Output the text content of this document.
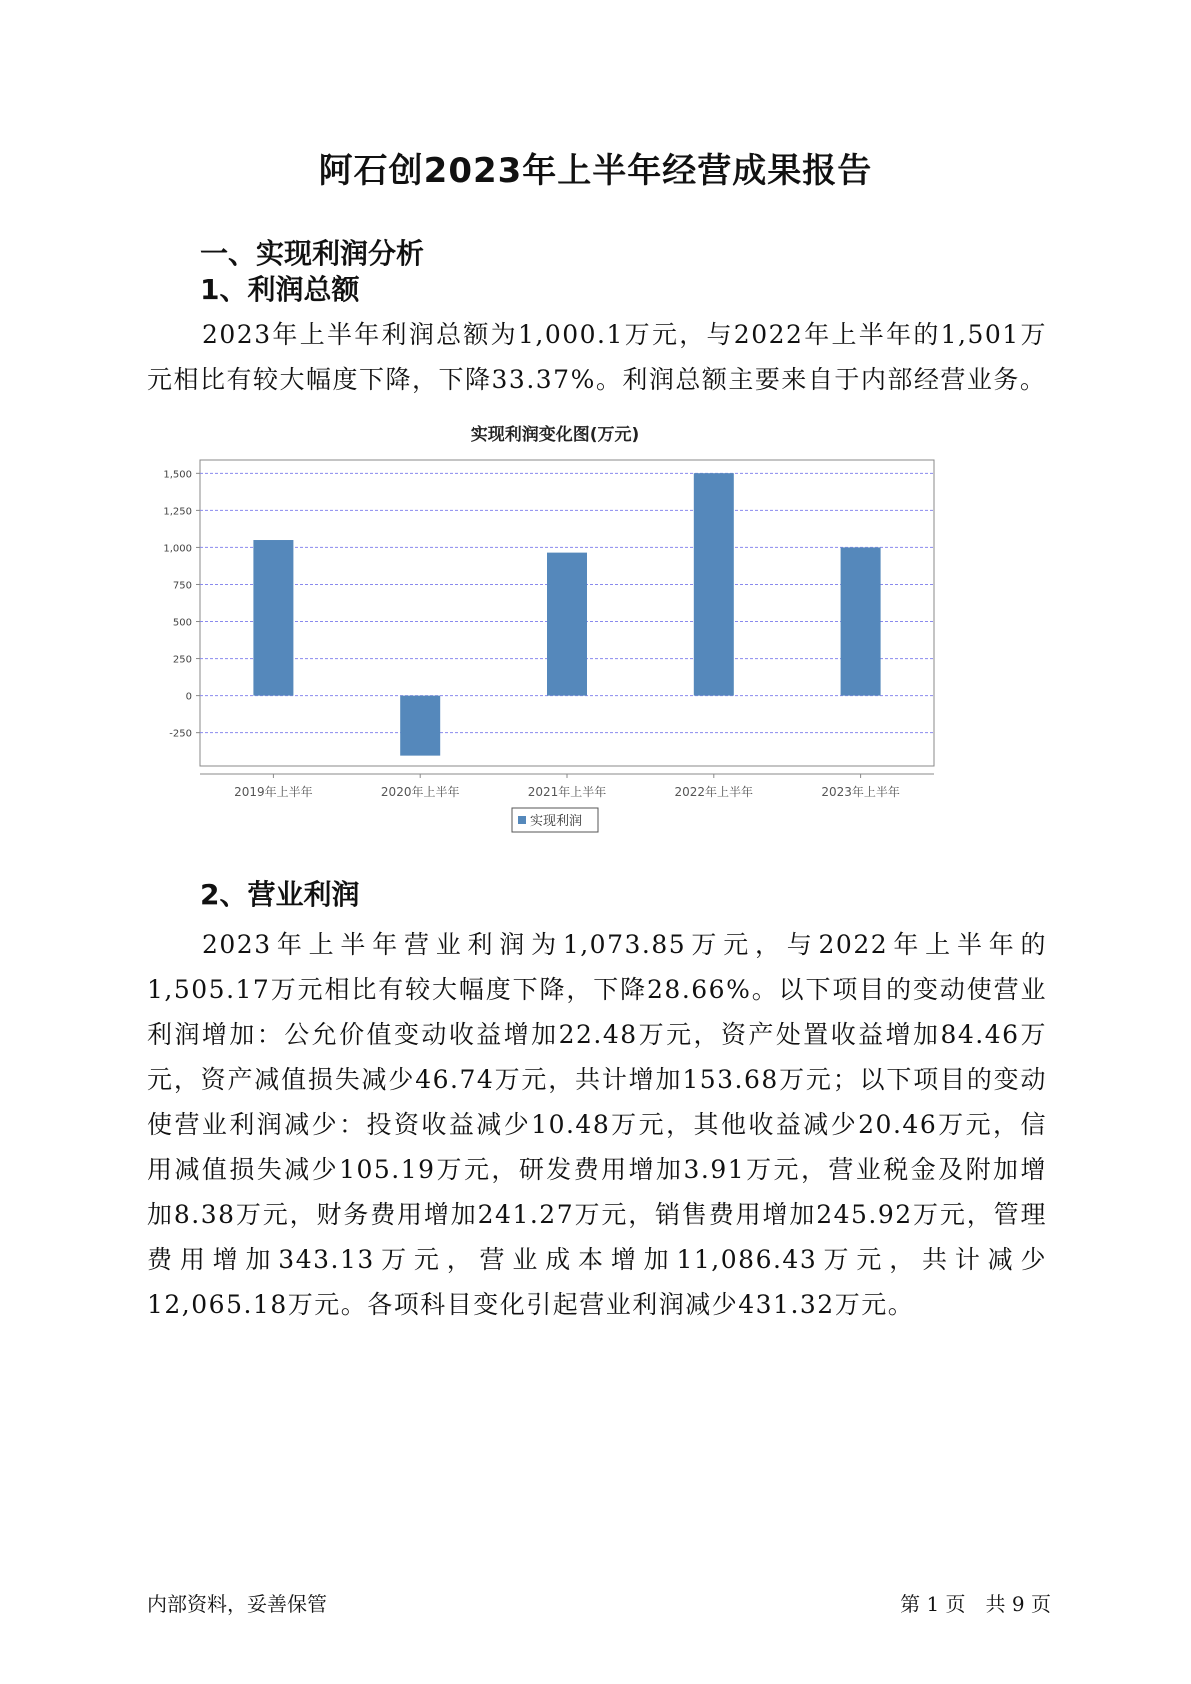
阿石创2023年上半年经营成果报告
一、实现利润分析
1、利润总额

2023年上半年利润总额为1,000.1万元，与2022年上半年的1,501万元相比有较大幅度下降，下降33.37%。利润总额主要来自于内部经营业务。

实现利润变化图(万元)
-250
0
250
500
750
1,000
1,250
1,500
2019年上半年	2020年上半年	2021年上半年	2022年上半年	2023年上半年
实现利润
2、营业利润

2023年上半年营业利润为1,073.85万元，与2022年上半年的1,505.17万元相比有较大幅度下降，下降28.66%。以下项目的变动使营业利润增加：公允价值变动收益增加22.48万元，资产处置收益增加84.46万元，资产减值损失减少46.74万元，共计增加153.68万元；以下项目的变动使营业利润减少：投资收益减少10.48万元，其他收益减少20.46万元，信用减值损失减少105.19万元，研发费用增加3.91万元，营业税金及附加增加8.38万元，财务费用增加241.27万元，销售费用增加245.92万元，管理费用增加343.13万元，营业成本增加11,086.43万元，共计减少12,065.18万元。各项科目变化引起营业利润减少431.32万元。

内部资料，妥善保管	第 1 页　共 9 页
